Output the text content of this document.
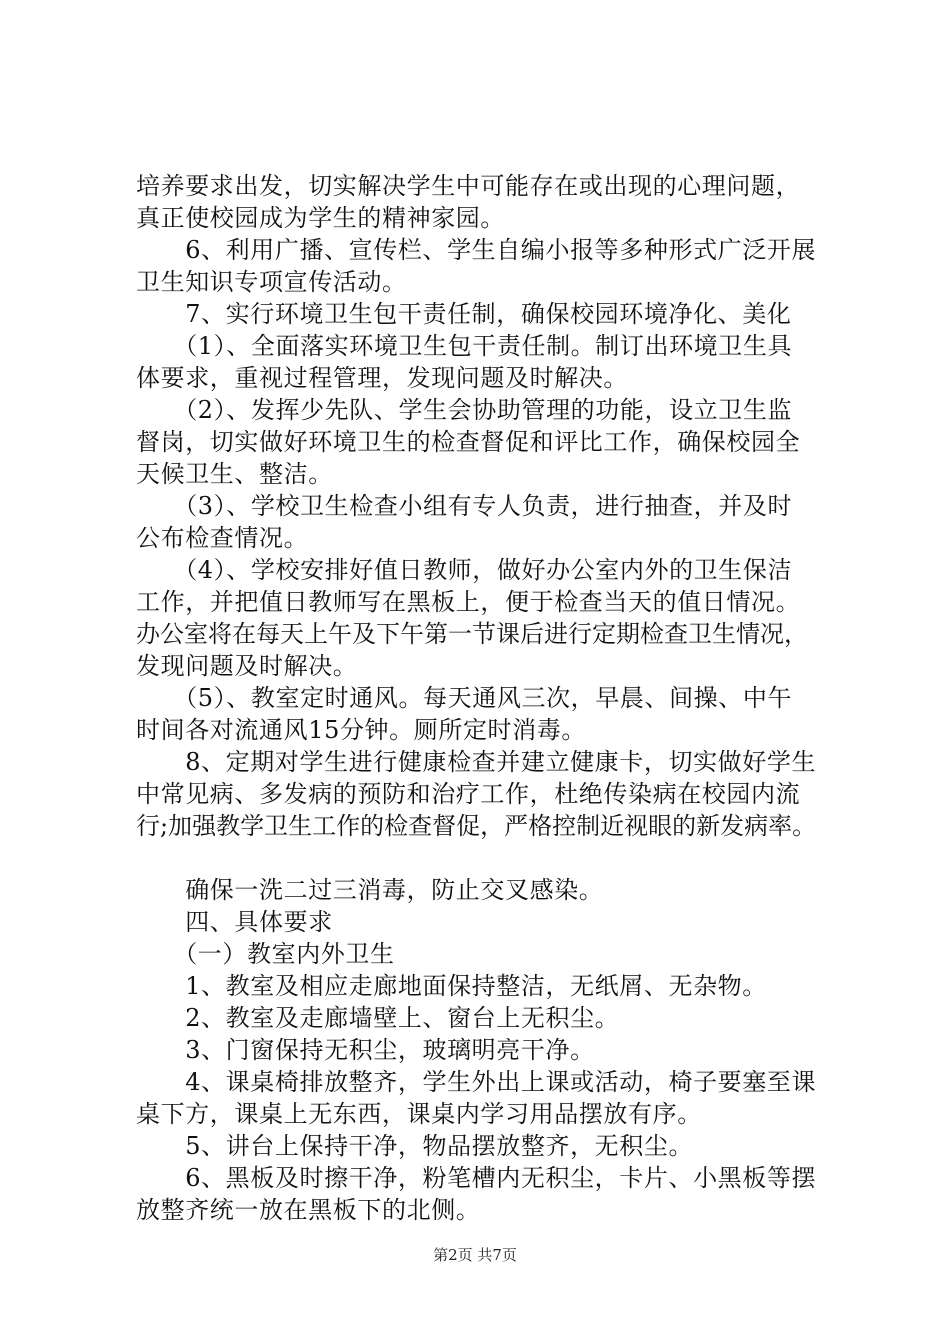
培养要求出发，切实解决学生中可能存在或出现的心理问题，
真正使校园成为学生的精神家园。
　　6、利用广播、宣传栏、学生自编小报等多种形式广泛开展
卫生知识专项宣传活动。
　　7、实行环境卫生包干责任制，确保校园环境净化、美化
　　（1）、全面落实环境卫生包干责任制。制订出环境卫生具
体要求，重视过程管理，发现问题及时解决。
　　（2）、发挥少先队、学生会协助管理的功能，设立卫生监
督岗，切实做好环境卫生的检查督促和评比工作，确保校园全
天候卫生、整洁。
　　（3）、学校卫生检查小组有专人负责，进行抽查，并及时
公布检查情况。
　　（4）、学校安排好值日教师，做好办公室内外的卫生保洁
工作，并把值日教师写在黑板上，便于检查当天的值日情况。
办公室将在每天上午及下午第一节课后进行定期检查卫生情况，
发现问题及时解决。
　　（5）、教室定时通风。每天通风三次，早晨、间操、中午
时间各对流通风15分钟。厕所定时消毒。
　　8、定期对学生进行健康检查并建立健康卡，切实做好学生
中常见病、多发病的预防和治疗工作，杜绝传染病在校园内流
行;加强教学卫生工作的检查督促，严格控制近视眼的新发病率。
　　确保一洗二过三消毒，防止交叉感染。
　　四、具体要求
　　（一）教室内外卫生
　　1、教室及相应走廊地面保持整洁，无纸屑、无杂物。
　　2、教室及走廊墙壁上、窗台上无积尘。
　　3、门窗保持无积尘，玻璃明亮干净。
　　4、课桌椅排放整齐，学生外出上课或活动，椅子要塞至课
桌下方，课桌上无东西，课桌内学习用品摆放有序。
　　5、讲台上保持干净，物品摆放整齐，无积尘。
　　6、黑板及时擦干净，粉笔槽内无积尘，卡片、小黑板等摆
放整齐统一放在黑板下的北侧。
第2页 共7页
